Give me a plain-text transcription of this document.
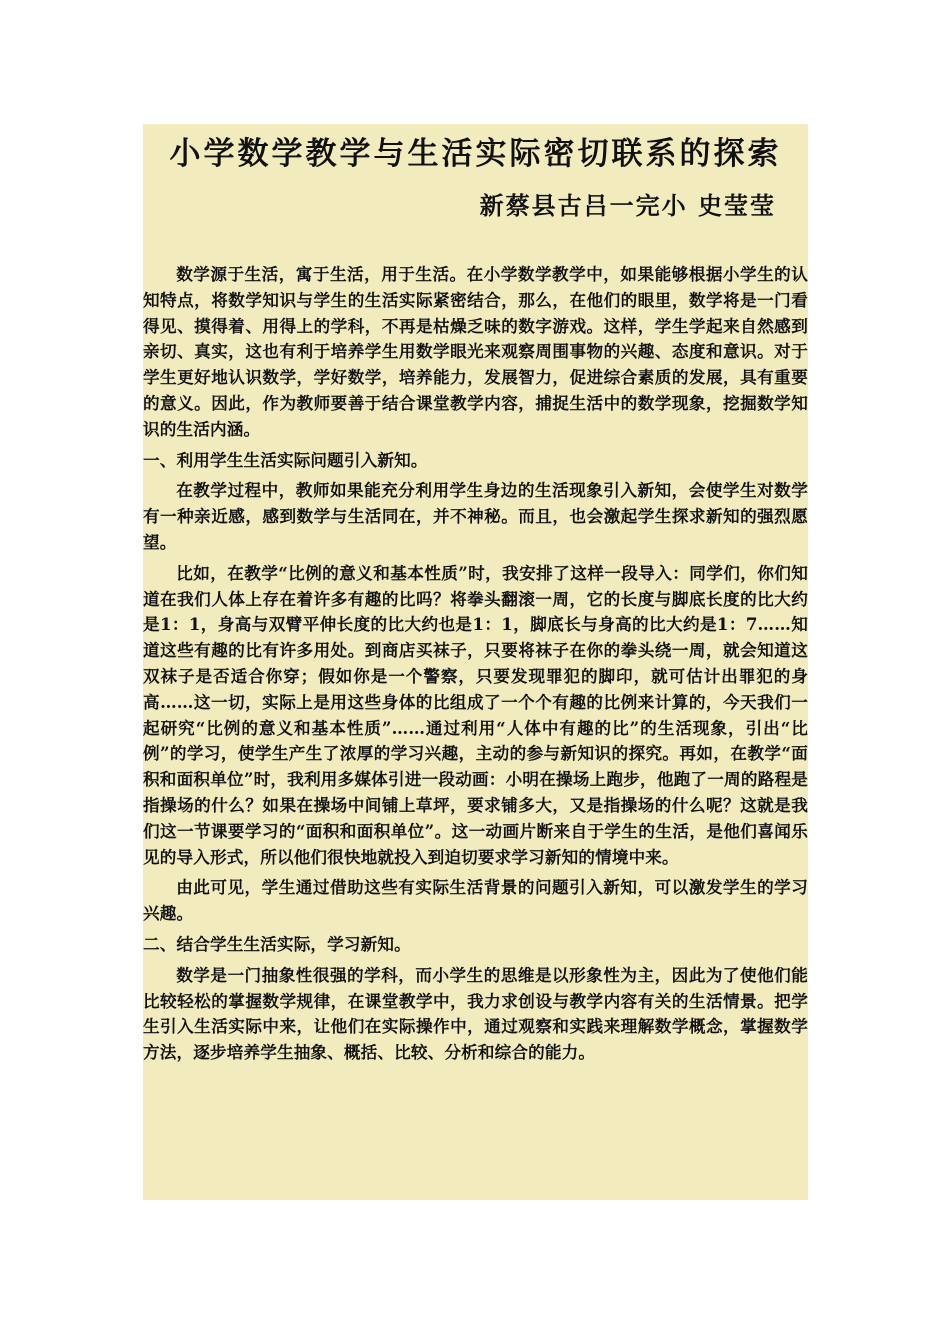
小学数学教学与生活实际密切联系的探索
新蔡县古吕一完小 史莹莹

数学源于生活，寓于生活，用于生活。在小学数学教学中，如果能够根据小学生的认知特点，将数学知识与学生的生活实际紧密结合，那么，在他们的眼里，数学将是一门看得见、摸得着、用得上的学科，不再是枯燥乏味的数字游戏。这样，学生学起来自然感到亲切、真实，这也有利于培养学生用数学眼光来观察周围事物的兴趣、态度和意识。对于学生更好地认识数学，学好数学，培养能力，发展智力，促进综合素质的发展，具有重要的意义。因此，作为教师要善于结合课堂教学内容，捕捉生活中的数学现象，挖掘数学知识的生活内涵。

一、利用学生生活实际问题引入新知。

在教学过程中，教师如果能充分利用学生身边的生活现象引入新知，会使学生对数学有一种亲近感，感到数学与生活同在，并不神秘。而且，也会激起学生探求新知的强烈愿望。

比如，在教学“比例的意义和基本性质”时，我安排了这样一段导入：同学们，你们知道在我们人体上存在着许多有趣的比吗？将拳头翻滚一周，它的长度与脚底长度的比大约是1：1，身高与双臂平伸长度的比大约也是1：1，脚底长与身高的比大约是1：7……知道这些有趣的比有许多用处。到商店买袜子，只要将袜子在你的拳头绕一周，就会知道这双袜子是否适合你穿；假如你是一个警察，只要发现罪犯的脚印，就可估计出罪犯的身高……这一切，实际上是用这些身体的比组成了一个个有趣的比例来计算的，今天我们一起研究“比例的意义和基本性质”……通过利用“人体中有趣的比”的生活现象，引出“比例”的学习，使学生产生了浓厚的学习兴趣，主动的参与新知识的探究。再如，在教学“面积和面积单位”时，我利用多媒体引进一段动画：小明在操场上跑步，他跑了一周的路程是指操场的什么？如果在操场中间铺上草坪，要求铺多大，又是指操场的什么呢？这就是我们这一节课要学习的“面积和面积单位”。这一动画片断来自于学生的生活，是他们喜闻乐见的导入形式，所以他们很快地就投入到迫切要求学习新知的情境中来。

由此可见，学生通过借助这些有实际生活背景的问题引入新知，可以激发学生的学习兴趣。

二、结合学生生活实际，学习新知。

数学是一门抽象性很强的学科，而小学生的思维是以形象性为主，因此为了使他们能比较轻松的掌握数学规律，在课堂教学中，我力求创设与教学内容有关的生活情景。把学生引入生活实际中来，让他们在实际操作中，通过观察和实践来理解数学概念，掌握数学方法，逐步培养学生抽象、概括、比较、分析和综合的能力。
